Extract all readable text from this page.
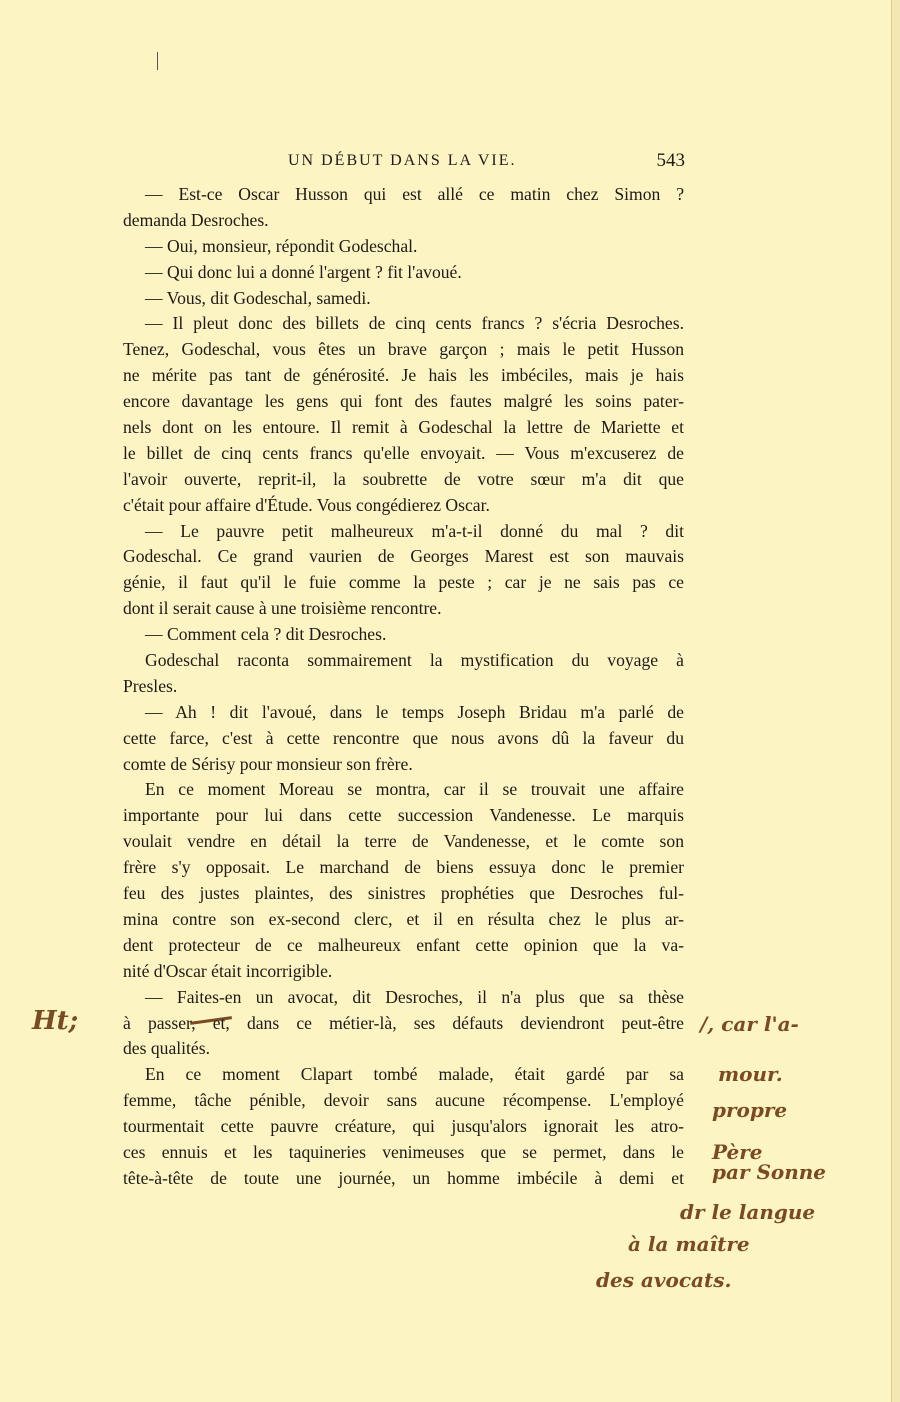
UN DÉBUT DANS LA VIE.	543
— Est-ce Oscar Husson qui est allé ce matin chez Simon ?
demanda Desroches.
— Oui, monsieur, répondit Godeschal.
— Qui donc lui a donné l'argent ? fit l'avoué.
— Vous, dit Godeschal, samedi.
— Il pleut donc des billets de cinq cents francs ? s'écria Desroches.
Tenez, Godeschal, vous êtes un brave garçon ; mais le petit Husson
ne mérite pas tant de générosité. Je hais les imbéciles, mais je hais
encore davantage les gens qui font des fautes malgré les soins pater-
nels dont on les entoure. Il remit à Godeschal la lettre de Mariette et
le billet de cinq cents francs qu'elle envoyait. — Vous m'excuserez de
l'avoir ouverte, reprit-il, la soubrette de votre sœur m'a dit que
c'était pour affaire d'Étude. Vous congédierez Oscar.
— Le pauvre petit malheureux m'a-t-il donné du mal ? dit
Godeschal. Ce grand vaurien de Georges Marest est son mauvais
génie, il faut qu'il le fuie comme la peste ; car je ne sais pas ce
dont il serait cause à une troisième rencontre.
— Comment cela ? dit Desroches.
Godeschal raconta sommairement la mystification du voyage à
Presles.
— Ah ! dit l'avoué, dans le temps Joseph Bridau m'a parlé de
cette farce, c'est à cette rencontre que nous avons dû la faveur du
comte de Sérisy pour monsieur son frère.
En ce moment Moreau se montra, car il se trouvait une affaire
importante pour lui dans cette succession Vandenesse. Le marquis
voulait vendre en détail la terre de Vandenesse, et le comte son
frère s'y opposait. Le marchand de biens essuya donc le premier
feu des justes plaintes, des sinistres prophéties que Desroches ful-
mina contre son ex-second clerc, et il en résulta chez le plus ar-
dent protecteur de ce malheureux enfant cette opinion que la va-
nité d'Oscar était incorrigible.
— Faites-en un avocat, dit Desroches, il n'a plus que sa thèse
à passer, et, dans ce métier-là, ses défauts deviendront peut-être
des qualités.
En ce moment Clapart tombé malade, était gardé par sa
femme, tâche pénible, devoir sans aucune récompense. L'employé
tourmentait cette pauvre créature, qui jusqu'alors ignorait les atro-
ces ennuis et les taquineries venimeuses que se permet, dans le
tête-à-tête de toute une journée, un homme imbécile à demi et
Ht;	/, car l'a-
mour.
propre
Père
par Sonne
dr le langue
à la maître
des avocats.
